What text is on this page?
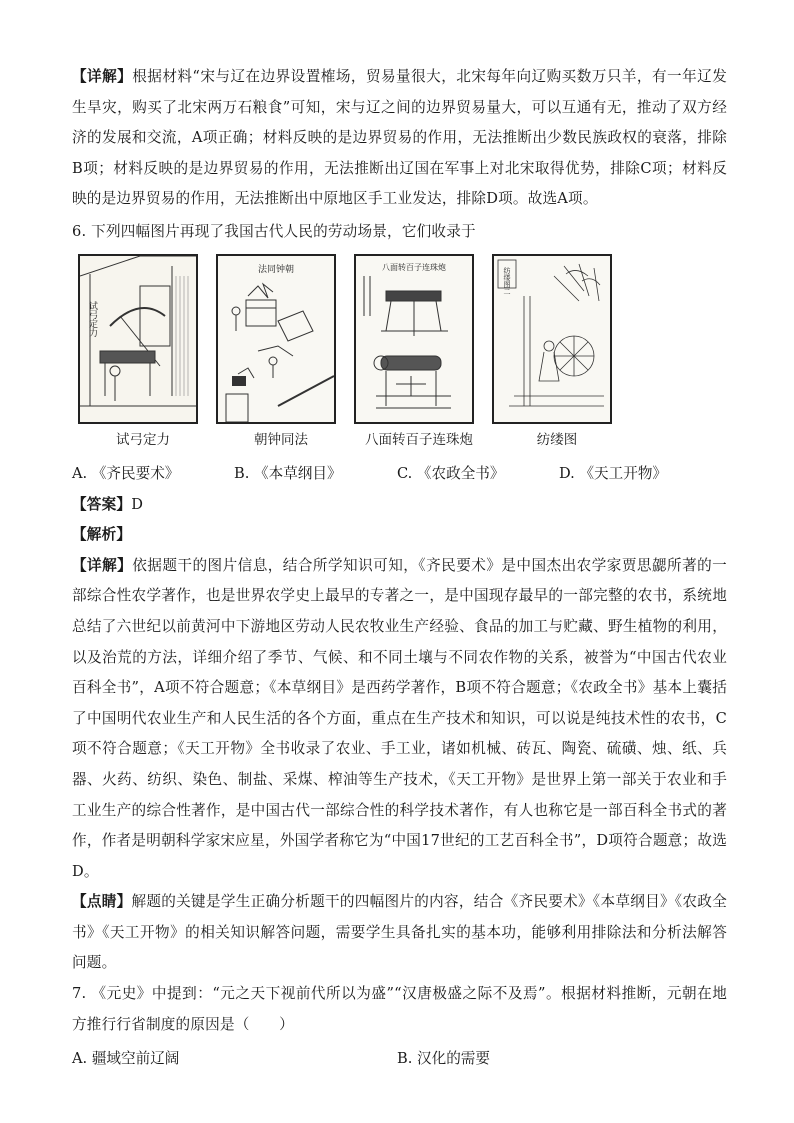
【详解】根据材料“宋与辽在边界设置榷场，贸易量很大，北宋每年向辽购买数万只羊，有一年辽发生旱灾，购买了北宋两万石粮食”可知，宋与辽之间的边界贸易量大，可以互通有无，推动了双方经济的发展和交流，A项正确；材料反映的是边界贸易的作用，无法推断出少数民族政权的衰落，排除B项；材料反映的是边界贸易的作用，无法推断出辽国在军事上对北宋取得优势，排除C项；材料反映的是边界贸易的作用，无法推断出中原地区手工业发达，排除D项。故选A项。

6. 下列四幅图片再现了我国古代人民的劳动场景，它们收录于

试弓定力
试弓定力
法同钟朝
朝钟同法
八面转百子连珠炮
八面转百子连珠炮
纺缕图二
纺缕图
A. 《齐民要术》	B. 《本草纲目》	C. 《农政全书》	D. 《天工开物》

【答案】D

【解析】

【详解】依据题干的图片信息，结合所学知识可知，《齐民要术》是中国杰出农学家贾思勰所著的一部综合性农学著作，也是世界农学史上最早的专著之一，是中国现存最早的一部完整的农书，系统地总结了六世纪以前黄河中下游地区劳动人民农牧业生产经验、食品的加工与贮藏、野生植物的利用，以及治荒的方法，详细介绍了季节、气候、和不同土壤与不同农作物的关系，被誉为“中国古代农业百科全书”，A项不符合题意；《本草纲目》是西药学著作，B项不符合题意；《农政全书》基本上囊括了中国明代农业生产和人民生活的各个方面，重点在生产技术和知识，可以说是纯技术性的农书，C项不符合题意；《天工开物》全书收录了农业、手工业，诸如机械、砖瓦、陶瓷、硫磺、烛、纸、兵器、火药、纺织、染色、制盐、采煤、榨油等生产技术，《天工开物》是世界上第一部关于农业和手工业生产的综合性著作，是中国古代一部综合性的科学技术著作，有人也称它是一部百科全书式的著作，作者是明朝科学家宋应星，外国学者称它为“中国17世纪的工艺百科全书”，D项符合题意；故选D。

【点睛】解题的关键是学生正确分析题干的四幅图片的内容，结合《齐民要术》《本草纲目》《农政全书》《天工开物》的相关知识解答问题，需要学生具备扎实的基本功，能够利用排除法和分析法解答问题。

7. 《元史》中提到：“元之天下视前代所以为盛”“汉唐极盛之际不及焉”。根据材料推断，元朝在地方推行行省制度的原因是（　　）

A. 疆域空前辽阔	B. 汉化的需要
